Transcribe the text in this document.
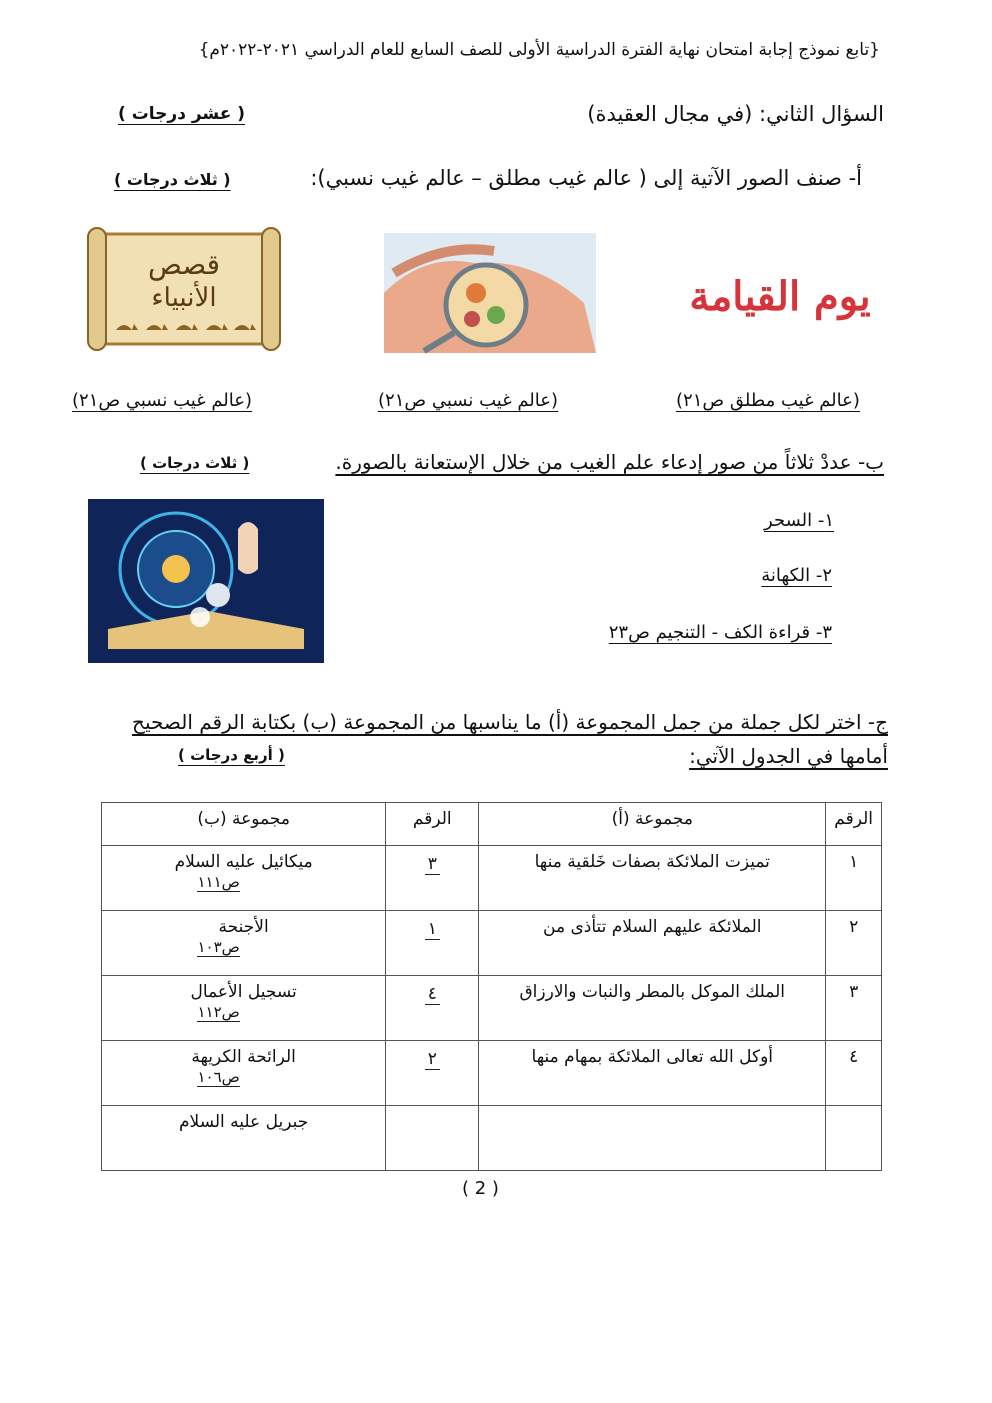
{تابع نموذج إجابة امتحان نهاية الفترة الدراسية الأولى للصف السابع للعام الدراسي ٢٠٢١-٢٠٢٢م}
السؤال الثاني: (في مجال العقيدة)
( عشر درجات )
أ- صنف الصور الآتية إلى ( عالم غيب مطلق – عالم غيب نسبي):
( ثلاث درجات )
قصص
الأنبياء	يوم القيامة
(عالم غيب نسبي ص٢١)	(عالم غيب نسبي ص٢١)	(عالم غيب مطلق ص٢١)
ب- عددْ ثلاثاً من صور إدعاء علم الغيب من خلال الإستعانة بالصورة.
( ثلاث درجات )
١- السحر
٢- الكهانة
٣- قراءة الكف - التنجيم ص٢٣
ج- اختر لكل جملة من جمل المجموعة (أ) ما يناسبها من المجموعة (ب) بكتابة الرقم الصحيح
أمامها في الجدول الآتي:
( أربع درجات )
الرقم	مجموعة (أ)	الرقم	مجموعة (ب)
١	تميزت الملائكة بصفات خَلقية منها	٣	ميكائيل عليه السلام
ص١١١

٢	الملائكة عليهم السلام تتأذى من	١	الأجنحة
ص١٠٣

٣	الملك الموكل بالمطر والنبات والارزاق	٤	تسجيل الأعمال
ص١١٢

٤	أوكل الله تعالى الملائكة بمهام منها	٢	الرائحة الكريهة
ص١٠٦

			جبريل عليه السلام
( 2 )
